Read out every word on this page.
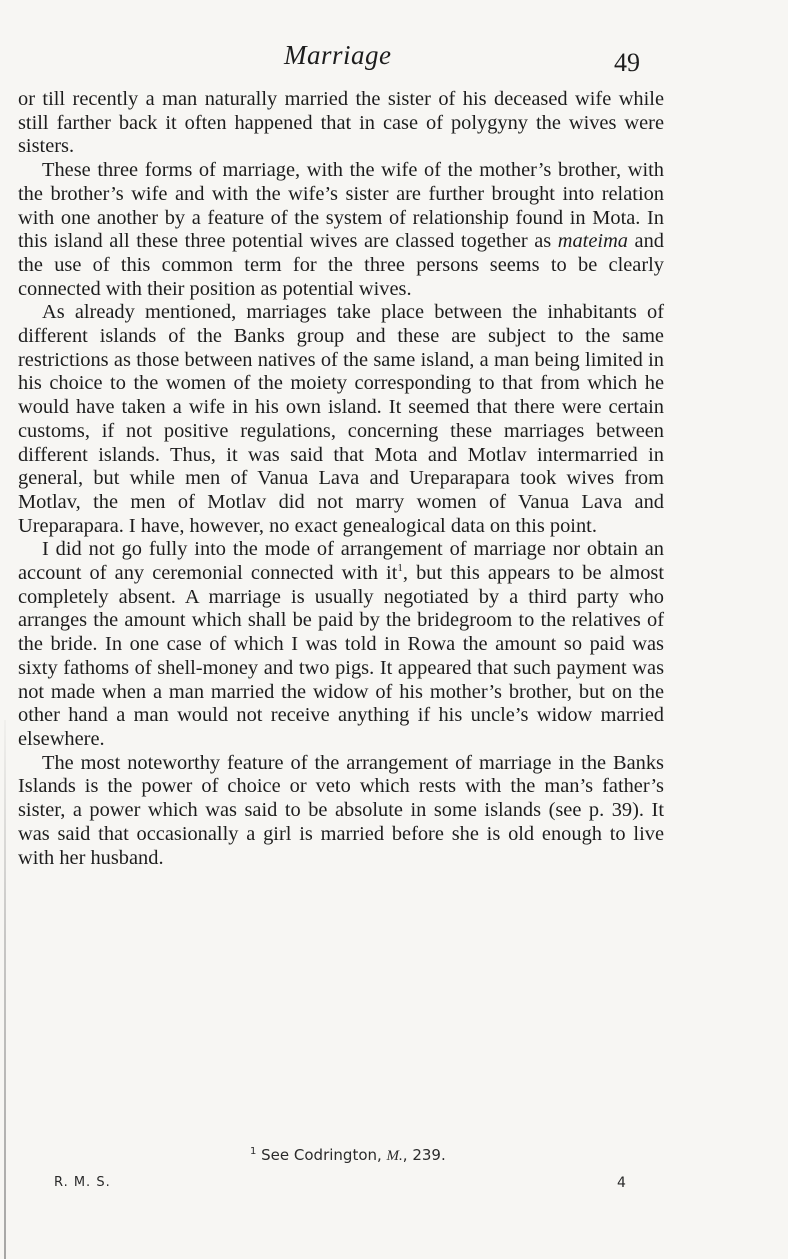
Marriage	49

or till recently a man naturally married the sister of his deceased wife while still farther back it often happened that in case of polygyny the wives were sisters.

These three forms of marriage, with the wife of the mother’s brother, with the brother’s wife and with the wife’s sister are further brought into relation with one another by a feature of the system of relationship found in Mota. In this island all these three potential wives are classed together as mateima and the use of this common term for the three persons seems to be clearly connected with their position as potential wives.

As already mentioned, marriages take place between the inhabitants of different islands of the Banks group and these are subject to the same restrictions as those between natives of the same island, a man being limited in his choice to the women of the moiety corresponding to that from which he would have taken a wife in his own island. It seemed that there were certain customs, if not positive regulations, concerning these marriages between different islands. Thus, it was said that Mota and Motlav intermarried in general, but while men of Vanua Lava and Ureparapara took wives from Motlav, the men of Motlav did not marry women of Vanua Lava and Ureparapara. I have, however, no exact genealogical data on this point.

I did not go fully into the mode of arrangement of marriage nor obtain an account of any ceremonial connected with it$^1$, but this appears to be almost completely absent. A marriage is usually negotiated by a third party who arranges the amount which shall be paid by the bridegroom to the relatives of the bride. In one case of which I was told in Rowa the amount so paid was sixty fathoms of shell-money and two pigs. It appeared that such payment was not made when a man married the widow of his mother’s brother, but on the other hand a man would not receive anything if his uncle’s widow married elsewhere.

The most noteworthy feature of the arrangement of marriage in the Banks Islands is the power of choice or veto which rests with the man’s father’s sister, a power which was said to be absolute in some islands (see p. 39). It was said that occasionally a girl is married before she is old enough to live with her husband.

$^1$ See Codrington, M., 239.
R. M. S.	4
